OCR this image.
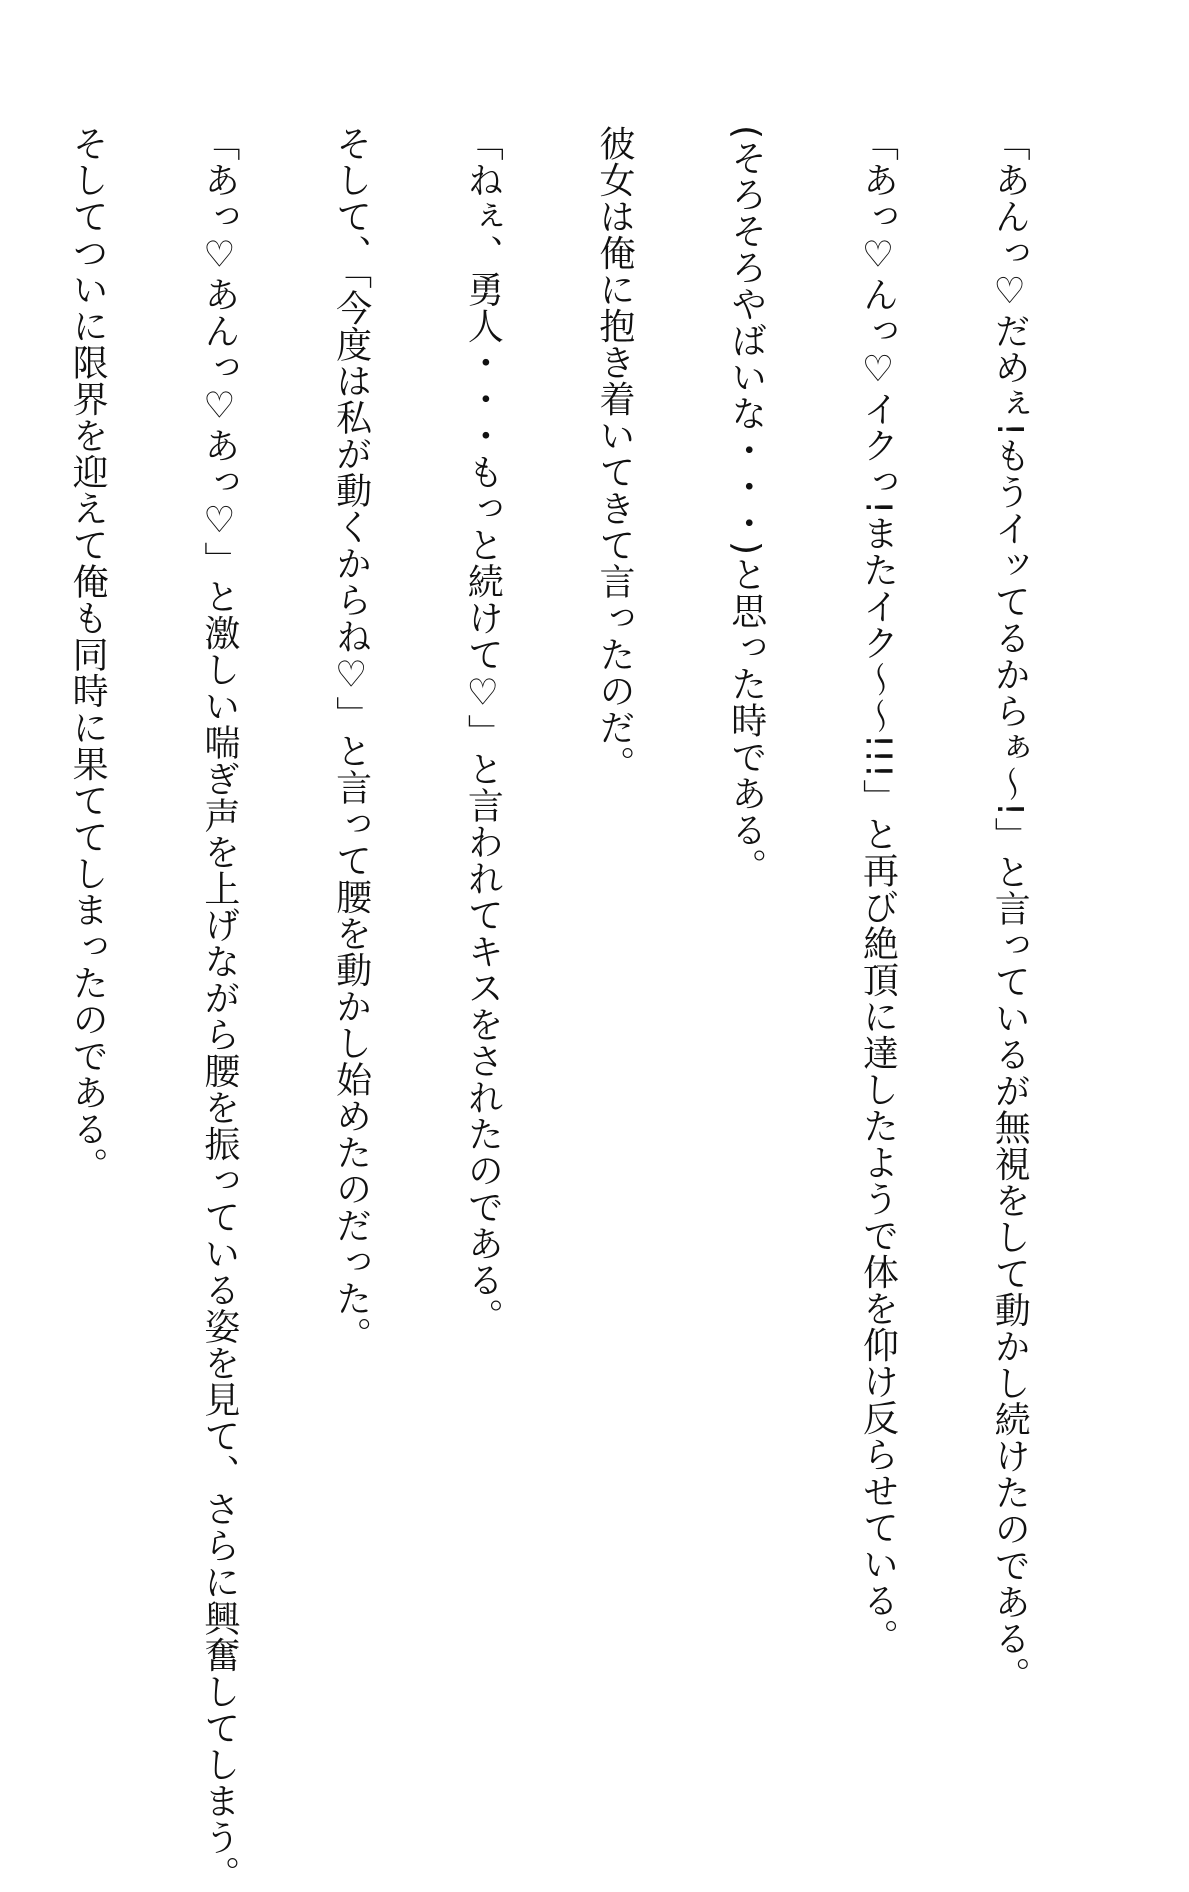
「あんっ♡だめぇ!もうイッてるからぁ〜!」と言っているが無視をして動かし続けたのである。

「あっ♡んっ♡イクっ!またイク〜〜!!!」と再び絶頂に達したようで体を仰け反らせている。

(そろそろやばいな・・・)と思った時である。

彼女は俺に抱き着いてきて言ったのだ。

「ねぇ、勇人・・・もっと続けて♡」と言われてキスをされたのである。

そして、「今度は私が動くからね♡」と言って腰を動かし始めたのだった。

「あっ♡あんっ♡あっ♡」と激しい喘ぎ声を上げながら腰を振っている姿を見て、さらに興奮してしまう。

そしてついに限界を迎えて俺も同時に果ててしまったのである。
